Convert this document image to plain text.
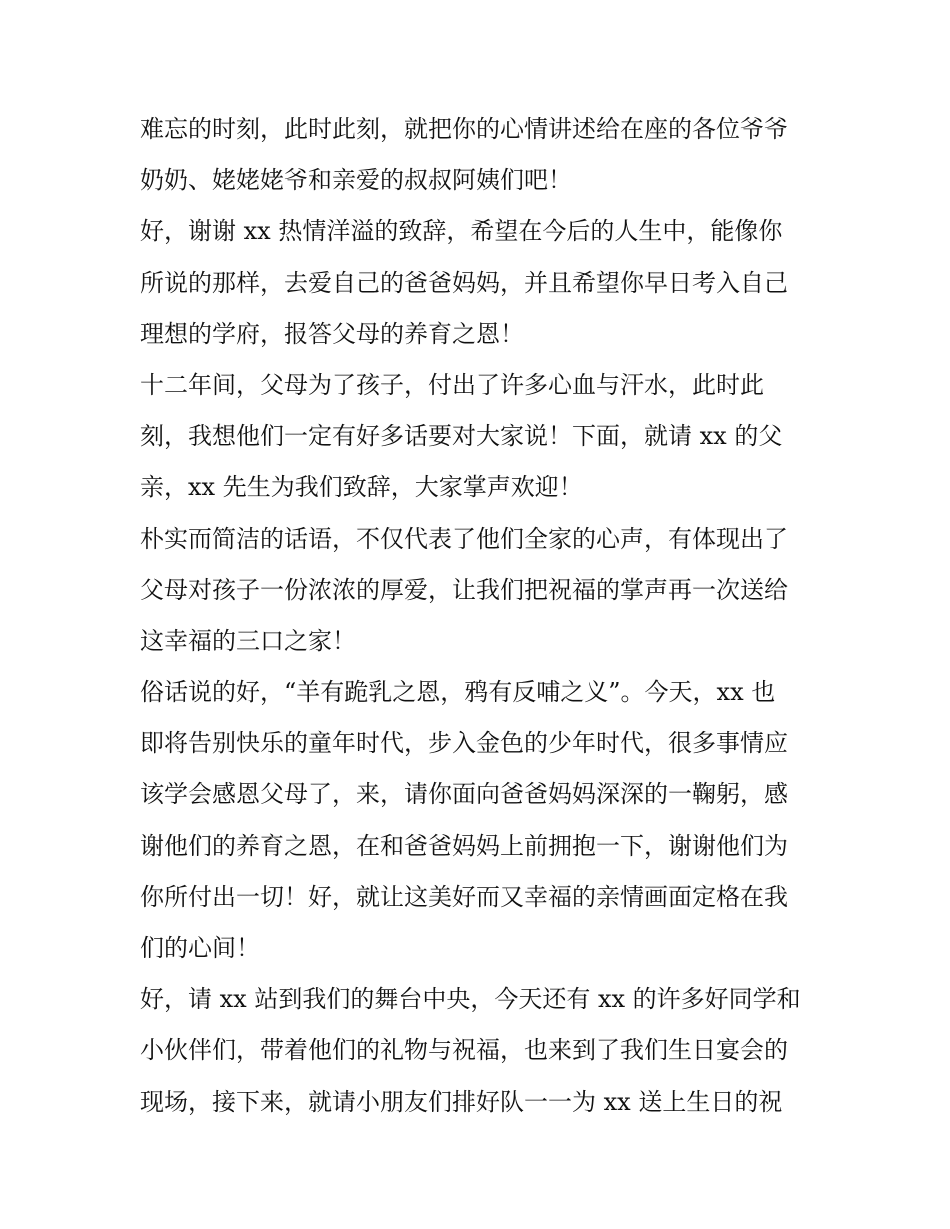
难忘的时刻，此时此刻，就把你的心情讲述给在座的各位爷爷
奶奶、姥姥姥爷和亲爱的叔叔阿姨们吧！

好，谢谢 xx 热情洋溢的致辞，希望在今后的人生中，能像你
所说的那样，去爱自己的爸爸妈妈，并且希望你早日考入自己
理想的学府，报答父母的养育之恩！

十二年间，父母为了孩子，付出了许多心血与汗水，此时此
刻，我想他们一定有好多话要对大家说！下面，就请 xx 的父
亲，xx 先生为我们致辞，大家掌声欢迎！

朴实而简洁的话语，不仅代表了他们全家的心声，有体现出了
父母对孩子一份浓浓的厚爱，让我们把祝福的掌声再一次送给
这幸福的三口之家！

俗话说的好，“羊有跪乳之恩，鸦有反哺之义”。今天，xx 也
即将告别快乐的童年时代，步入金色的少年时代，很多事情应
该学会感恩父母了，来，请你面向爸爸妈妈深深的一鞠躬，感
谢他们的养育之恩，在和爸爸妈妈上前拥抱一下，谢谢他们为
你所付出一切！好，就让这美好而又幸福的亲情画面定格在我
们的心间！

好，请 xx 站到我们的舞台中央，今天还有 xx 的许多好同学和
小伙伴们，带着他们的礼物与祝福，也来到了我们生日宴会的
现场，接下来，就请小朋友们排好队一一为 xx 送上生日的祝
